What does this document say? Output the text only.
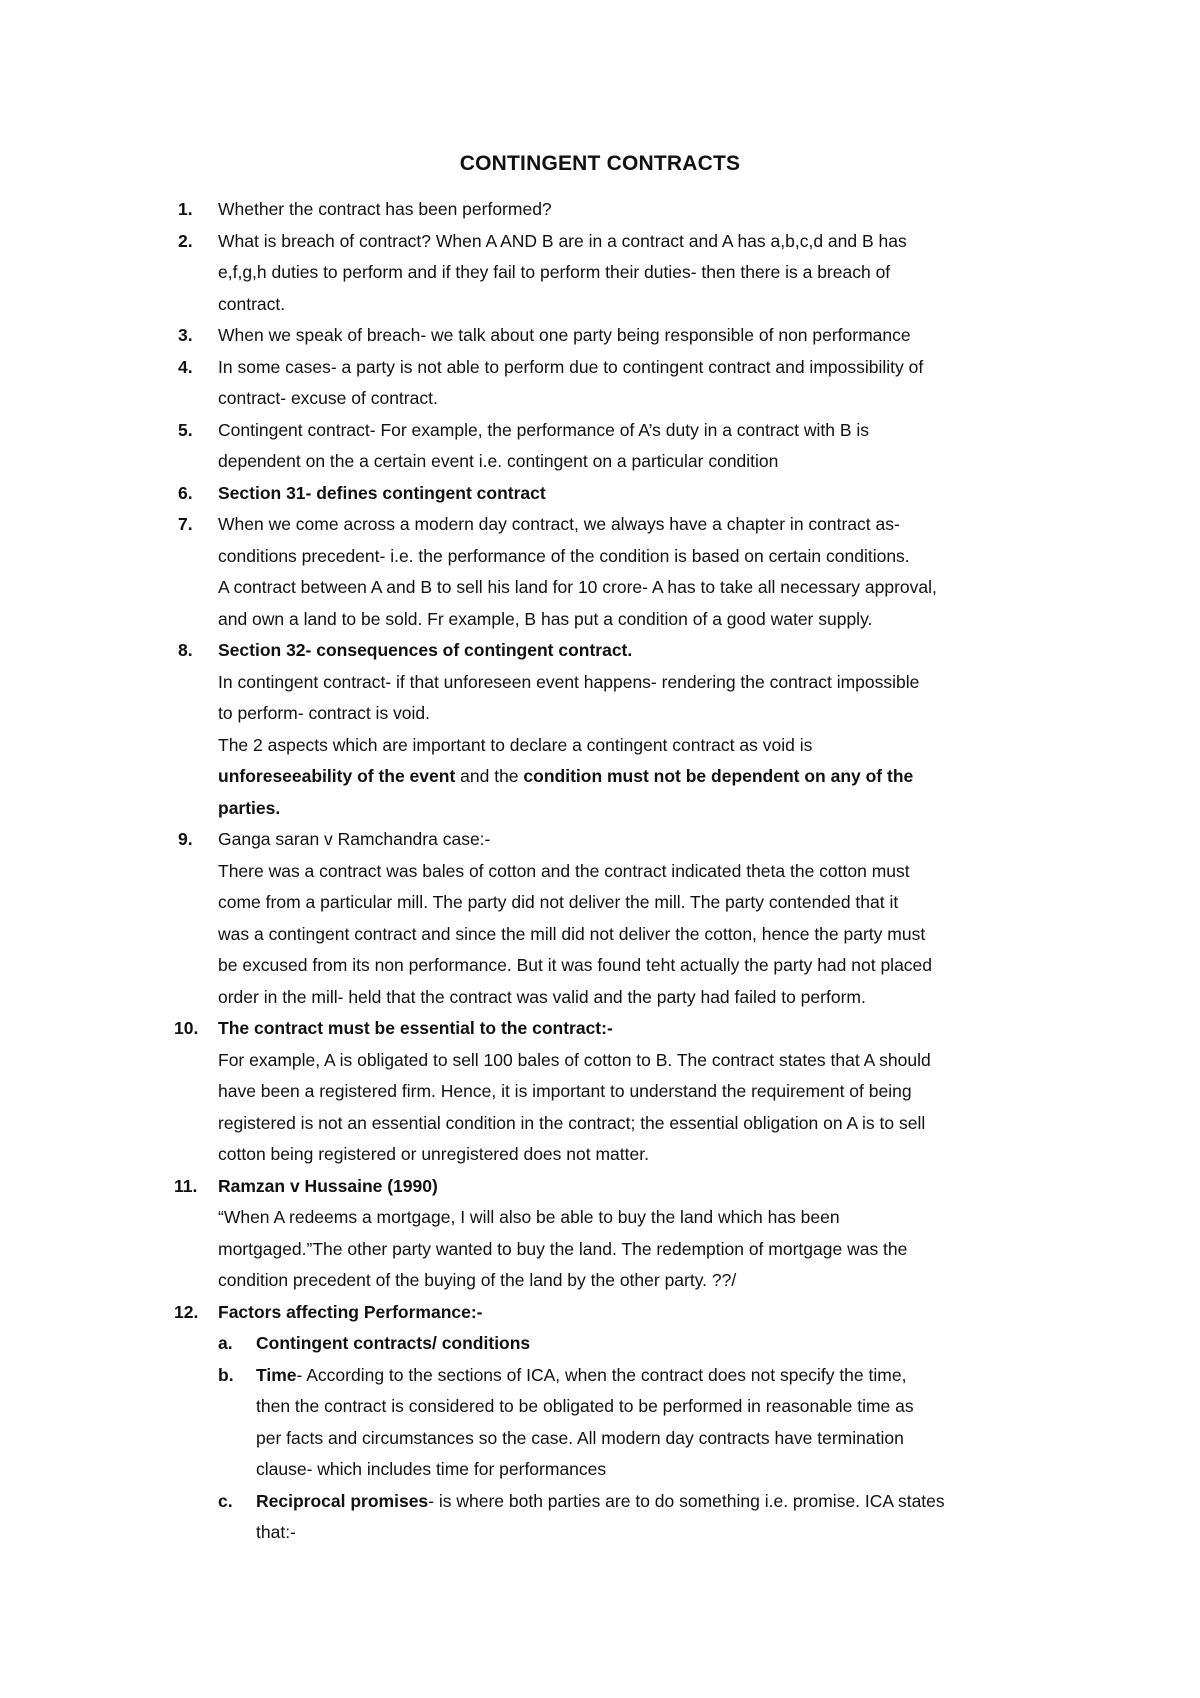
CONTINGENT CONTRACTS
1.	Whether the contract has been performed?
2.	What is breach of contract? When A AND B are in a contract and A has a,b,c,d and B has
e,f,g,h duties to perform and if they fail to perform their duties- then there is a breach of
contract.
3.	When we speak of breach- we talk about one party being responsible of non performance
4.	In some cases- a party is not able to perform due to contingent contract and impossibility of
contract- excuse of contract.
5.	Contingent contract- For example, the performance of A’s duty in a contract with B is
dependent on the a certain event i.e. contingent on a particular condition
6.	Section 31- defines contingent contract
7.	When we come across a modern day contract, we always have a chapter in contract as-
conditions precedent- i.e. the performance of the condition is based on certain conditions.
A contract between A and B to sell his land for 10 crore- A has to take all necessary approval,
and own a land to be sold. Fr example, B has put a condition of a good water supply.
8.	Section 32- consequences of contingent contract.
In contingent contract- if that unforeseen event happens- rendering the contract impossible
to perform- contract is void.
The 2 aspects which are important to declare a contingent contract as void is
unforeseeability of the event and the condition must not be dependent on any of the
parties.
9.	Ganga saran v Ramchandra case:-
There was a contract was bales of cotton and the contract indicated theta the cotton must
come from a particular mill. The party did not deliver the mill. The party contended that it
was a contingent contract and since the mill did not deliver the cotton, hence the party must
be excused from its non performance. But it was found teht actually the party had not placed
order in the mill- held that the contract was valid and the party had failed to perform.
10.	The contract must be essential to the contract:-
For example, A is obligated to sell 100 bales of cotton to B. The contract states that A should
have been a registered firm. Hence, it is important to understand the requirement of being
registered is not an essential condition in the contract; the essential obligation on A is to sell
cotton being registered or unregistered does not matter.
11.	Ramzan v Hussaine (1990)
“When A redeems a mortgage, I will also be able to buy the land which has been
mortgaged.”The other party wanted to buy the land. The redemption of mortgage was the
condition precedent of the buying of the land by the other party. ??/
12.	Factors affecting Performance:-
a.	Contingent contracts/ conditions
b.	Time- According to the sections of ICA, when the contract does not specify the time,
then the contract is considered to be obligated to be performed in reasonable time as
per facts and circumstances so the case. All modern day contracts have termination
clause- which includes time for performances
c.	Reciprocal promises- is where both parties are to do something i.e. promise. ICA states
that:-
